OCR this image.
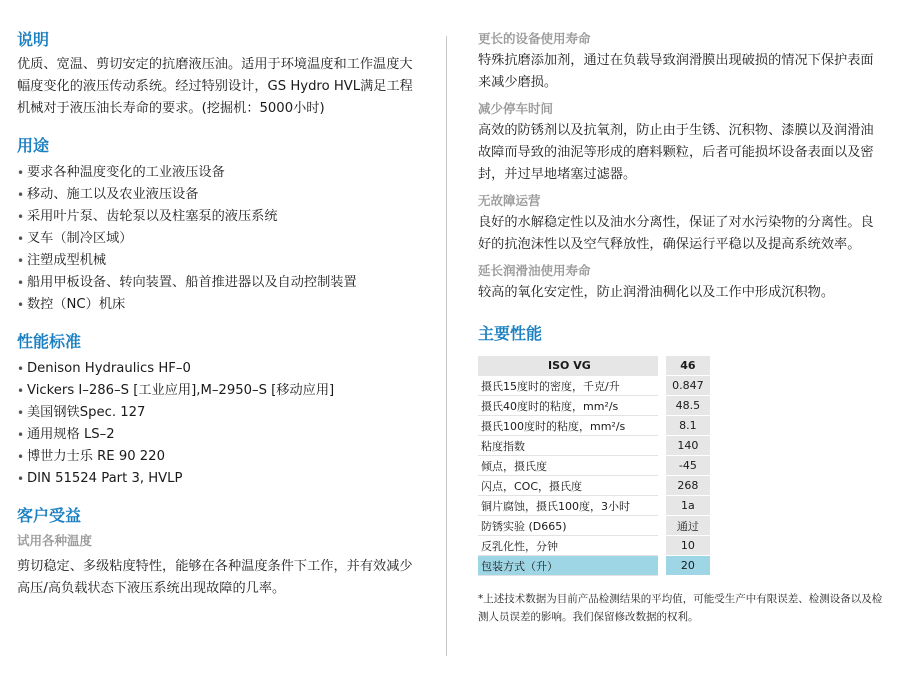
说明

优质、宽温、剪切安定的抗磨液压油。适用于环境温度和工作温度大幅度变化的液压传动系统。经过特别设计，GS Hydro HVL满足工程机械对于液压油长寿命的要求。(挖掘机：5000小时)

用途
• 要求各种温度变化的工业液压设备
• 移动、施工以及农业液压设备
• 采用叶片泵、齿轮泵以及柱塞泵的液压系统
• 叉车（制冷区域）
• 注塑成型机械
• 船用甲板设备、转向装置、船首推进器以及自动控制装置
• 数控（NC）机床
性能标准
• Denison Hydraulics HF–0
• Vickers I–286–S [工业应用],M–2950–S [移动应用]
• 美国钢铁Spec. 127
• 通用规格 LS–2
• 博世力士乐 RE 90 220
• DIN 51524 Part 3, HVLP
客户受益

试用各种温度

剪切稳定、多级粘度特性，能够在各种温度条件下工作，并有效减少高压/高负载状态下液压系统出现故障的几率。

更长的设备使用寿命

特殊抗磨添加剂，通过在负载导致润滑膜出现破损的情况下保护表面来减少磨损。

减少停车时间

高效的防锈剂以及抗氧剂，防止由于生锈、沉积物、漆膜以及润滑油故障而导致的油泥等形成的磨料颗粒，后者可能损坏设备表面以及密封，并过早地堵塞过滤器。

无故障运营

良好的水解稳定性以及油水分离性，保证了对水污染物的分离性。良好的抗泡沫性以及空气释放性，确保运行平稳以及提高系统效率。

延长润滑油使用寿命

较高的氧化安定性，防止润滑油稠化以及工作中形成沉积物。

主要性能
ISO VG	46
摄氏15度时的密度，千克/升	0.847
摄氏40度时的粘度，mm²/s	48.5
摄氏100度时的粘度，mm²/s	8.1
粘度指数	140
倾点，摄氏度	-45
闪点，COC，摄氏度	268
铜片腐蚀，摄氏100度，3小时	1a
防锈实验 (D665)	通过
反乳化性，分钟	10
包装方式（升）	20

*上述技术数据为目前产品检测结果的平均值，可能受生产中有限误差、检测设备以及检测人员误差的影响。我们保留修改数据的权利。
